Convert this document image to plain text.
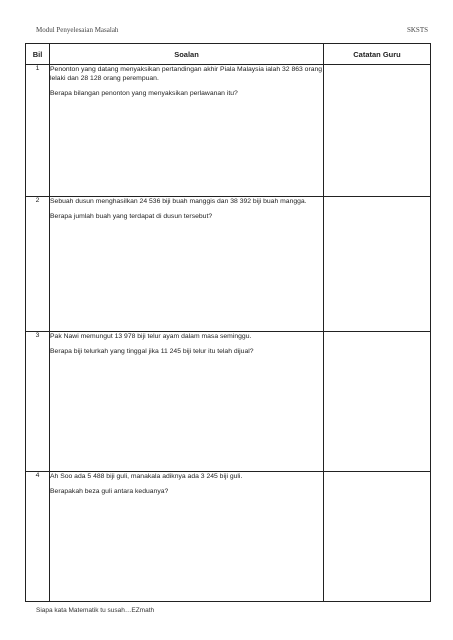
Modul Penyelesaian Masalah	SKSTS
Bil	Soalan	Catatan Guru
1	Penonton yang datang menyaksikan pertandingan akhir Piala Malaysia ialah 32 863 orang lelaki dan 28 128 orang perempuan.

Berapa bilangan penonton yang menyaksikan perlawanan itu?	

2	Sebuah dusun menghasilkan 24 536 biji buah manggis dan 38 392 biji buah mangga.

Berapa jumlah buah yang terdapat di dusun tersebut?	

3	Pak Nawi memungut 13 978 biji telur ayam dalam masa seminggu.

Berapa biji telurkah yang tinggal jika 11 245 biji telur itu telah dijual?	

4	Ah Soo ada 5 488 biji guli, manakala adiknya ada 3 245 biji guli.

Berapakah beza guli antara keduanya?	

Siapa kata Matematik tu susah…EZmath
